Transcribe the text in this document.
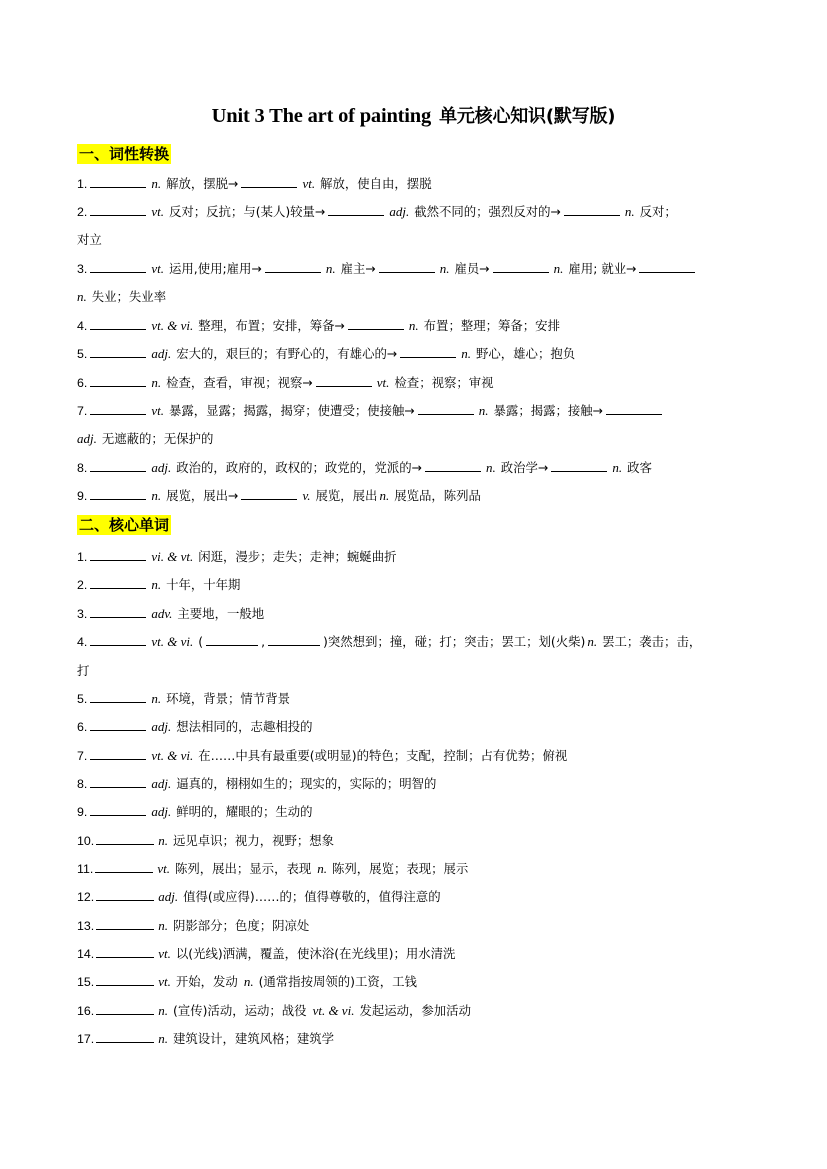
Unit 3 The art of painting 单元核心知识(默写版)
一、词性转换
1.	n. 解放，摆脱→	vt. 解放，使自由，摆脱
2.	vt. 反对；反抗；与(某人)较量→	adj. 截然不同的；强烈反对的→	n. 反对；
对立
3.	vt. 运用,使用;雇用→	n. 雇主→	n. 雇员→	n. 雇用; 就业→
n. 失业；失业率
4.	vt. & vi. 整理，布置；安排，筹备→	n. 布置；整理；筹备；安排
5.	adj. 宏大的，艰巨的；有野心的，有雄心的→	n. 野心，雄心；抱负
6.	n. 检查，查看，审视；视察→	vt. 检查；视察；审视
7.	vt. 暴露，显露；揭露，揭穿；使遭受；使接触→	n. 暴露；揭露；接触→
adj. 无遮蔽的；无保护的
8.	adj. 政治的，政府的，政权的；政党的，党派的→	n. 政治学→	n. 政客
9.	n. 展览，展出→	v. 展览，展出 n. 展览品，陈列品
二、核心单词
1.	vi. & vt. 闲逛，漫步；走失；走神；蜿蜒曲折
2.	n. 十年，十年期
3.	adv. 主要地，一般地
4.	vt. & vi. (	,	)突然想到；撞，碰；打；突击；罢工；划(火柴) n. 罢工；袭击；击，
打
5.	n. 环境，背景；情节背景
6.	adj. 想法相同的，志趣相投的
7.	vt. & vi. 在……中具有最重要(或明显)的特色；支配，控制；占有优势；俯视
8.	adj. 逼真的，栩栩如生的；现实的，实际的；明智的
9.	adj. 鲜明的，耀眼的；生动的
10.	n. 远见卓识；视力，视野；想象
11.	vt. 陈列，展出；显示，表现 n. 陈列，展览；表现；展示
12.	adj. 值得(或应得)……的；值得尊敬的，值得注意的
13.	n. 阴影部分；色度；阴凉处
14.	vt. 以(光线)洒满，覆盖，使沐浴(在光线里)；用水清洗
15.	vt. 开始，发动 n. (通常指按周领的)工资，工钱
16.	n. (宣传)活动，运动；战役 vt. & vi. 发起运动，参加活动
17.	n. 建筑设计，建筑风格；建筑学
